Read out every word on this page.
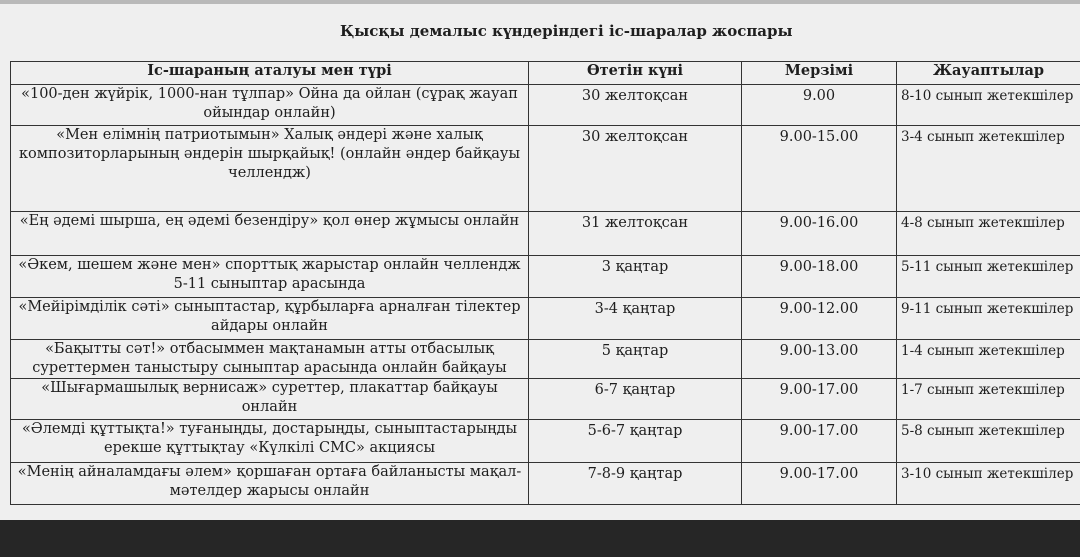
Қысқы демалыс күндеріндегі іс-шаралар жоспары
Іс-шараның аталуы мен түрі	Өтетін күні	Мерзімі	Жауаптылар
«100-ден жүйрік, 1000-нан тұлпар» Ойна да ойлан (сұрақ жауап ойындар онлайн)	30 желтоқсан	9.00	8-10 сынып жетекшілер
«Мен елімнің патриотымын» Халық әндері және халық композиторларының әндерін шырқайық! (онлайн әндер байқауы челлендж)	30 желтоқсан	9.00-15.00	3-4 сынып жетекшілер
«Ең әдемі шырша, ең әдемі безендіру» қол өнер жұмысы онлайн	31 желтоқсан	9.00-16.00	4-8 сынып жетекшілер
«Әкем, шешем және мен» спорттық жарыстар онлайн челлендж 5-11 сыныптар арасында	3 қаңтар	9.00-18.00	5-11 сынып жетекшілер
«Мейірімділік сәті» сыныптастар, құрбыларға арналған тілектер айдары онлайн	3-4 қаңтар	9.00-12.00	9-11 сынып жетекшілер
«Бақытты сәт!» отбасыммен мақтанамын атты отбасылық суреттермен таныстыру сыныптар арасында онлайн байқауы	5 қаңтар	9.00-13.00	1-4 сынып жетекшілер
«Шығармашылық вернисаж» суреттер, плакаттар байқауы онлайн	6-7 қаңтар	9.00-17.00	1-7 сынып жетекшілер
«Әлемді құттықта!» туғаныңды, достарыңды, сыныптастарыңды ерекше құттықтау «Күлкілі СМС» акциясы	5-6-7 қаңтар	9.00-17.00	5-8 сынып жетекшілер
«Менің айналамдағы әлем» қоршаған ортаға байланысты мақал-мәтелдер жарысы онлайн	7-8-9 қаңтар	9.00-17.00	3-10 сынып жетекшілер
